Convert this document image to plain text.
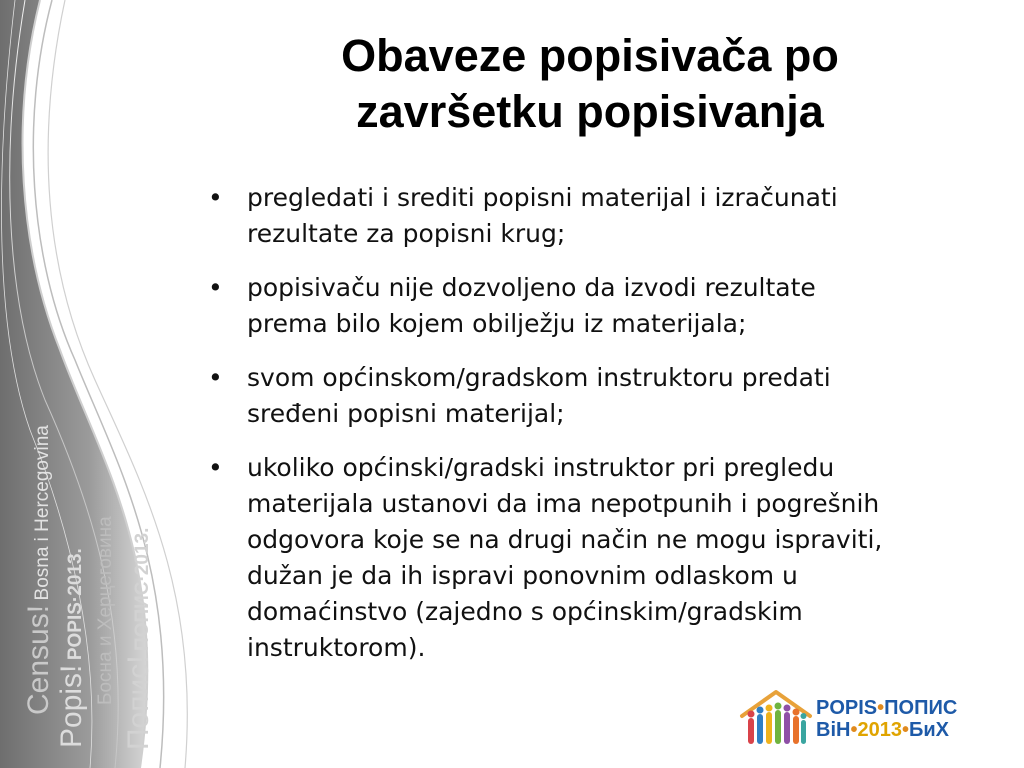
Census! Bosna i Hercegovina
Popis! POPIS·2013. Босна и Херцеговина Попис! ПОПИС·2013.
Obaveze popisivača po
završetku popisivanja
• pregledati i srediti popisni materijal i izračunati
rezultate za popisni krug;
• popisivaču nije dozvoljeno da izvodi rezultate
prema bilo kojem obilježju iz materijala;
• svom općinskom/gradskom instruktoru predati
sređeni popisni materijal;
• ukoliko općinski/gradski instruktor pri pregledu
materijala ustanovi da ima nepotpunih i pogrešnih
odgovora koje se na drugi način ne mogu ispraviti,
dužan je da ih ispravi ponovnim odlaskom u
domaćinstvo (zajedno s općinskim/gradskim
instruktorom).
POPIS•ПОПИС
BiH•2013•БиХ
